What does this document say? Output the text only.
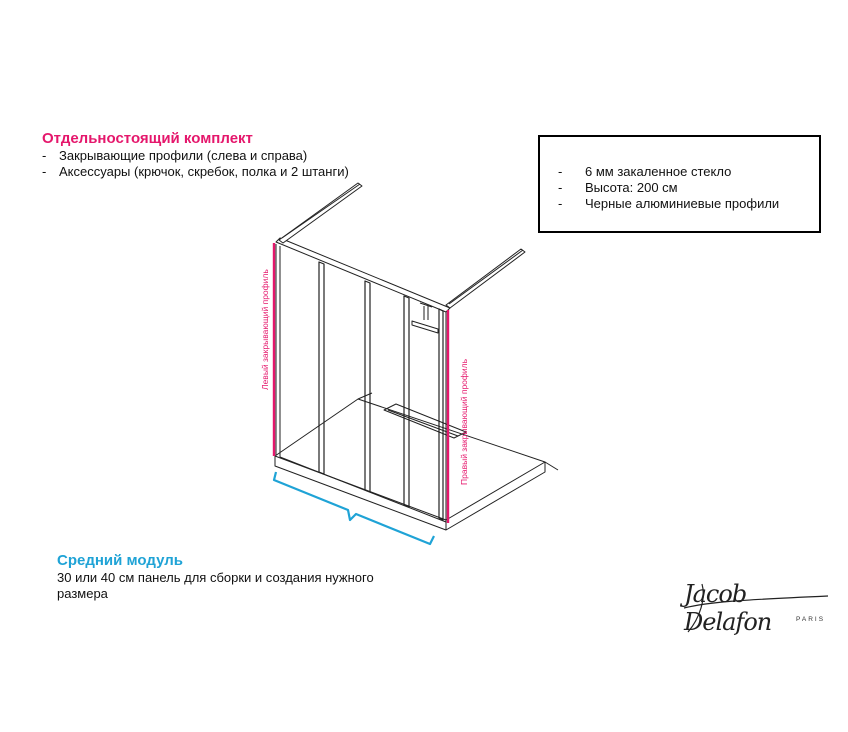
Отдельностоящий комплект
- Закрывающие профили (слева и справа)
- Аксессуары (крючок, скребок, полка и 2 штанги)
-	6 мм закаленное стекло
- Высота: 200 см
- Черные алюминиевые профили
Левый закрывающий профиль
Правый закрывающий профиль
Средний модуль

30 или 40 см панель для сборки и создания нужного размера	Jacob Delafon	PARIS
